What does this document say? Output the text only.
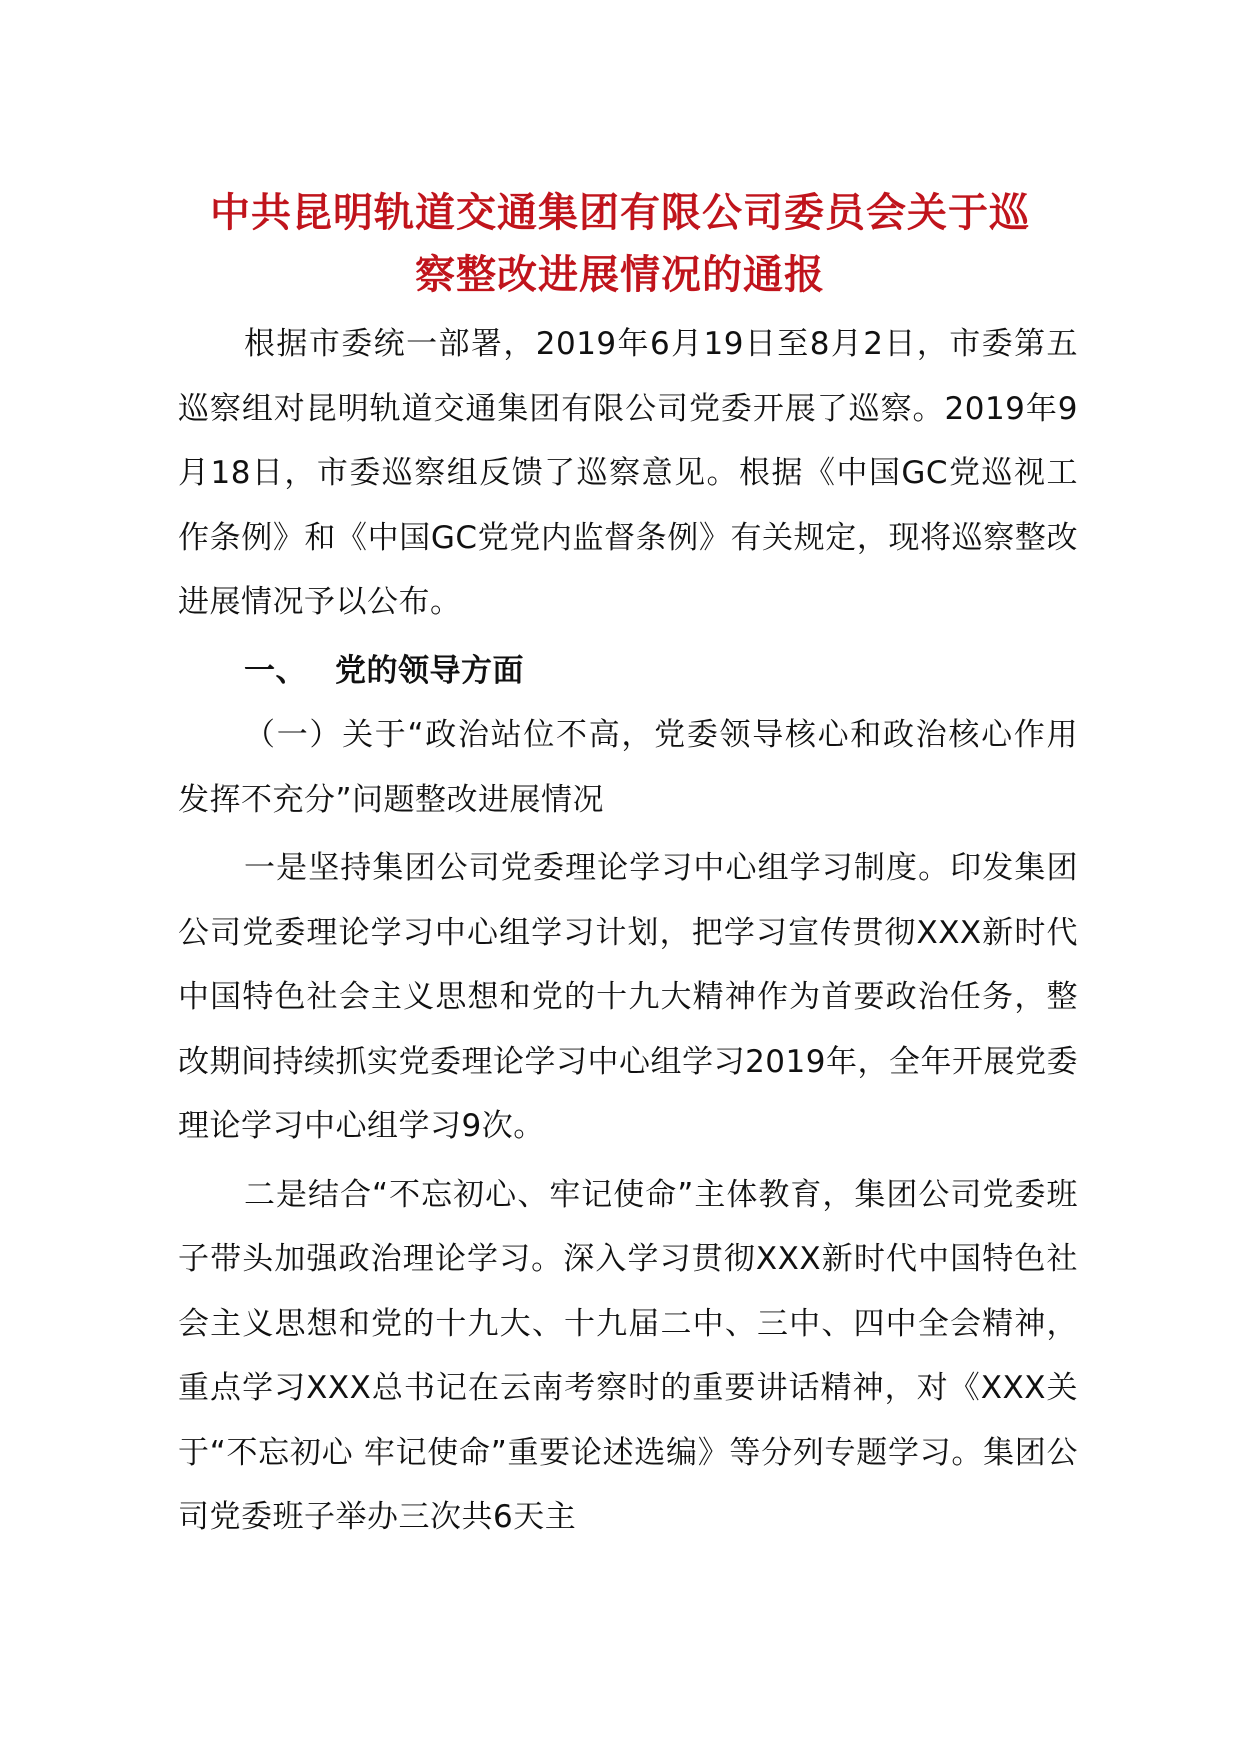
中共昆明轨道交通集团有限公司委员会关于巡
察整改进展情况的通报

根据市委统一部署，2019年6月19日至8月2日，市委第五巡察组对昆明轨道交通集团有限公司党委开展了巡察。2019年9月18日，市委巡察组反馈了巡察意见。根据《中国GC党巡视工作条例》和《中国GC党党内监督条例》有关规定，现将巡察整改进展情况予以公布。

一、 党的领导方面

（一）关于“政治站位不高，党委领导核心和政治核心作用发挥不充分”问题整改进展情况

一是坚持集团公司党委理论学习中心组学习制度。印发集团公司党委理论学习中心组学习计划，把学习宣传贯彻XXX新时代中国特色社会主义思想和党的十九大精神作为首要政治任务，整改期间持续抓实党委理论学习中心组学习2019年，全年开展党委理论学习中心组学习9次。

二是结合“不忘初心、牢记使命”主体教育，集团公司党委班子带头加强政治理论学习。深入学习贯彻XXX新时代中国特色社会主义思想和党的十九大、十九届二中、三中、四中全会精神，重点学习XXX总书记在云南考察时的重要讲话精神，对《XXX关于“不忘初心 牢记使命”重要论述选编》等分列专题学习。集团公司党委班子举办三次共6天主
